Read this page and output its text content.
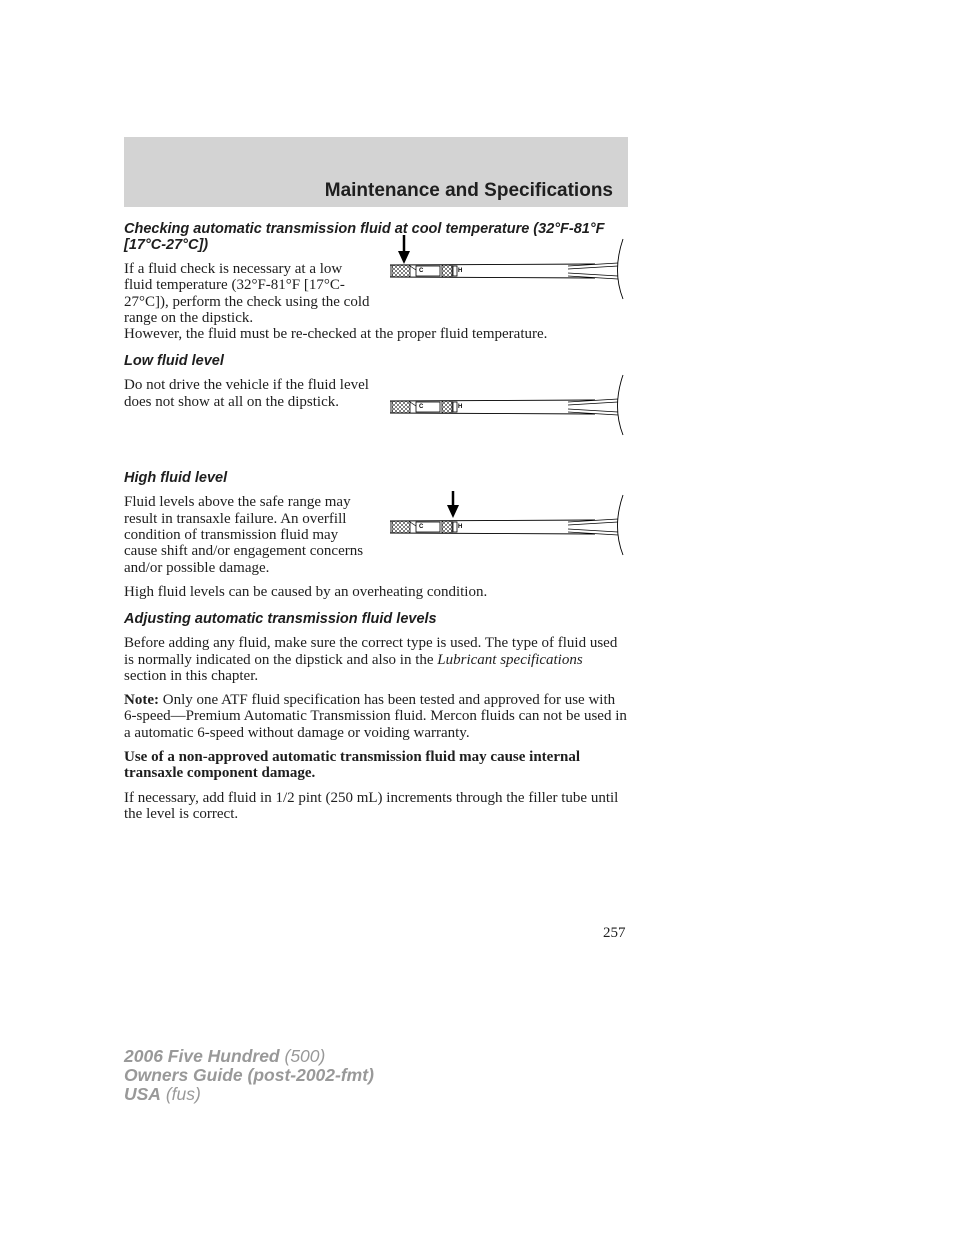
Maintenance and Specifications

Checking automatic transmission fluid at cool temperature (32°F-81°F [17°C-27°C])

If a fluid check is necessary at a low fluid temperature (32°F-81°F [17°C-27°C]), perform the check using the cold range on the dipstick.

C	H

However, the fluid must be re-checked at the proper fluid temperature.

Low fluid level

Do not drive the vehicle if the fluid level does not show at all on the dipstick.	C	H

High fluid level

Fluid levels above the safe range may result in transaxle failure. An overfill condition of transmission fluid may cause shift and/or engagement concerns and/or possible damage.

C	H

High fluid levels can be caused by an overheating condition.

Adjusting automatic transmission fluid levels

Before adding any fluid, make sure the correct type is used. The type of fluid used is normally indicated on the dipstick and also in the Lubricant specifications section in this chapter.

Note: Only one ATF fluid specification has been tested and approved for use with 6-speed—Premium Automatic Transmission fluid. Mercon fluids can not be used in a automatic 6-speed without damage or voiding warranty.

Use of a non-approved automatic transmission fluid may cause internal transaxle component damage.

If necessary, add fluid in 1/2 pint (250 mL) increments through the filler tube until the level is correct.

257
2006 Five Hundred (500)
Owners Guide (post-2002-fmt)
USA (fus)
